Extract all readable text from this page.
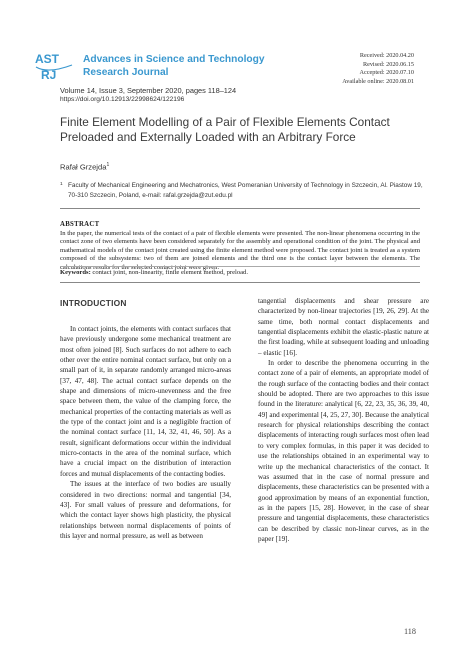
AST
RJ
Advances in Science and Technology Research Journal
Received: 2020.04.20
Revised: 2020.06.15
Accepted: 2020.07.10
Available online: 2020.08.01
Volume 14, Issue 3, September 2020, pages 118–124
https://doi.org/10.12913/22998624/122196
Finite Element Modelling of a Pair of Flexible Elements Contact Preloaded and Externally Loaded with an Arbitrary Force
Rafał Grzejda$^1$
1 Faculty of Mechanical Engineering and Mechatronics, West Pomeranian University of Technology in Szczecin, Al. Piastow 19, 70-310 Szczecin, Poland, e-mail: rafal.grzejda@zut.edu.pl
ABSTRACT
In the paper, the numerical tests of the contact of a pair of flexible elements were presented. The non-linear phenomena occurring in the contact zone of two elements have been considered separately for the assembly and operational condition of the joint. The physical and mathematical models of the contact joint created using the finite element method were proposed. The contact joint is treated as a system composed of the subsystems: two of them are joined elements and the third one is the contact layer between the elements. The calculations results for the selected contact joint were given.
Keywords: contact joint, non-linearity, finite element method, preload.
INTRODUCTION

In contact joints, the elements with contact surfaces that have previously undergone some mechanical treatment are most often joined [8]. Such surfaces do not adhere to each other over the entire nominal contact surface, but only on a small part of it, in separate randomly arranged micro-areas [37, 47, 48]. The actual contact surface depends on the shape and dimensions of micro-unevenness and the free space between them, the value of the clamping force, the mechanical properties of the contacting materials as well as the type of the contact joint and is a negligible fraction of the nominal contact surface [11, 14, 32, 41, 46, 50]. As a result, significant deformations occur within the individual micro-contacts in the area of the nominal surface, which have a crucial impact on the distribution of interaction forces and mutual displacements of the contacting bodies.

The issues at the interface of two bodies are usually considered in two directions: normal and tangential [34, 43]. For small values of pressure and deformations, for which the contact layer shows high plasticity, the physical relationships between normal displacements of points of this layer and normal pressure, as well as between

tangential displacements and shear pressure are characterized by non-linear trajectories [19, 26, 29]. At the same time, both normal contact displacements and tangential displacements exhibit the elastic-plastic nature at the first loading, while at subsequent loading and unloading – elastic [16].

In order to describe the phenomena occurring in the contact zone of a pair of elements, an appropriate model of the rough surface of the contacting bodies and their contact should be adopted. There are two approaches to this issue found in the literature: analytical [6, 22, 23, 35, 36, 39, 40, 49] and experimental [4, 25, 27, 30]. Because the analytical research for physical relationships describing the contact displacements of interacting rough surfaces most often lead to very complex formulas, in this paper it was decided to use the relationships obtained in an experimental way to write up the mechanical characteristics of the contact. It was assumed that in the case of normal pressure and displacements, these characteristics can be presented with a good approximation by means of an exponential function, as in the papers [15, 28]. However, in the case of shear pressure and tangential displacements, these characteristics can be described by classic non-linear curves, as in the paper [19].

118
